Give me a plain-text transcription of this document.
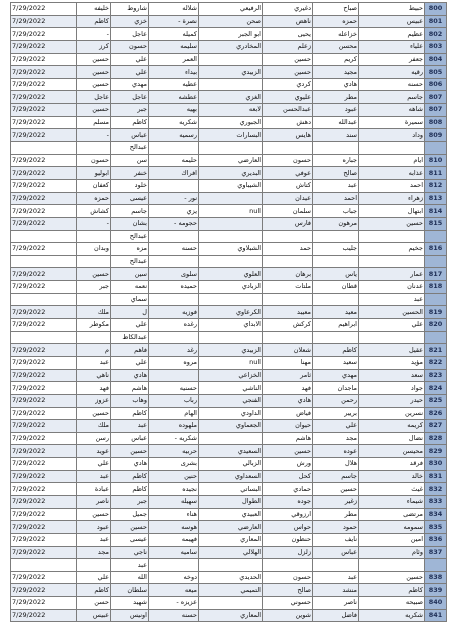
7/29/2022	خليفه	شاروط	شلاله	الرفيعي	دغيري	صباح	حبيط	800
7/29/2022	كاظم	خزي	نصرة -	صحن	ناهض	حمزه	عبيس	801
7/29/2022	-	عاجل	كميله	ابو الجبر	يحيى	خزاعله	عظيم	802
7/29/2022	كرز	حسون	سليمه	المخادري	زعلم	محسن	علياء	803
7/29/2022	حسين	علي	العمر		حسين	كريم	جعفر	804
7/29/2022	حسين	علي	بيداء	الزبيدي	حسين	مجيد	رقيه	805
7/29/2022	حسين	مهدي	عطيه		كردي	هادي	حسنه	806
7/29/2022	عاجل	عاجل	عطشه	الغزي	عليوي	مطر	جاسم	807
7/29/2022	حسين	جبر	بهيه	لابعه	عبدالحسن	عبود	شاهه	807
7/29/2022	مسلم	كاظم	شكريه	الجبوري	دهش	عبدالله	سميرة	808
7/29/2022	-	عباس	رسميه	البسارات	هايس	سند	وداد	809
		عبدالح						
7/29/2022	حسون	سن	حليمه	العارضي	حسون	جباره	ايام	810
7/29/2022	ابوليو	خنفر	افراك	البديري	عوفي	صالح	عذابه	811
7/29/2022	كعفان	خلود		الشيباوي	كتاش	عبد	احمد	812
7/29/2022	حمزه	عيسى	نور -		عيدان	احمد	زهراء	813
7/29/2022	كشاش	جاسم	يزي	null	سلمان	جباب	ابتهال	814
7/29/2022	-	بشان	حجومه -		فارس	مرهون	حسين	815
		عبدالح						
7/29/2022	وبدان	مزه	حسنه	الشبلاوي	حمد	جليب	جخيم	816
		عبدالح						
7/29/2022	حسين	سين	سلوى	العلوي	برهان	ياس	عمار	817
7/29/2022	جبر	نعمه	حميده	الزبادي	ملتات	قطان	عدنان	818
		سماي					عبد	
7/29/2022	ملك	ل	فوزيه	الكرعاوي	معيبد	معيد	الحسين	819
7/29/2022	مكوطر	علي	رغده	الابداي	كركش	ابراهيم	علي	820
		عبدالكاظ						
7/29/2022	م	فاهم	رغد	الزبيدي	شعلان	كاظم	عقيل	821
7/29/2022	عبد	علي	مروه	null	مهنا	سعيد	مؤيد	822
7/29/2022	ناهي	هادي		الخزاعي	ثامر	مهدي	سعد	823
7/29/2022	فهد	هاشم	حسنيه	الناشي	فهد	ماجدان	جواد	824
7/29/2022	عزوز	وهاب	رباب	الفنجي	هادي	رحمن	حيدر	825
7/29/2022	حسين	كاظم	الهام	الداودي	فياض	بريير	نسرين	826
7/29/2022	ملك	عبد	ملهوده	الجعماوي	حيوان	علي	كريمه	827
7/29/2022	رسن	عباس	شكريه -		هاشم	مجد	نضال	828
7/29/2022	عويد	حسين	حربيه	السعيدي	حسين	عوده	محيسن	829
7/29/2022	علي	هادي	بشرى	الزبالي	ورش	هلال	فرقد	830
7/29/2022	عبد	كاظم	حنين	السعداوي	كحل	جاسم	خالد	831
7/29/2022	عبادة	كاظم	نجيده	البساتي	حمادي	حسين	غيث	832
7/29/2022	ناصر	جبر	سهيله	الطوال	جوده	زغير	شيماء	833
7/29/2022	حسين	جميل	هناء	العبيدي	ارزوقي	مطر	مرتضى	834
7/29/2022	عبود	حسين	هوسه	العارضي	حواس	حمود	سمومه	835
7/29/2022	عبد	عيسى	فهيمه	المعاري	حنظون	نايف	امين	836
7/29/2022	مجد	ناجي	ساميه	الهلالي	زلزل	عباس	وئام	837
		عبد						
7/29/2022	علي	الله	دوخه	الحديدي	حسون	عبد	حسين	838
7/29/2022	كاظم	سلطان	ميعه	التميمي	صالح	منشد	كاظم	839
7/29/2022	حسن	شهيد	عزيزه -		حسوني	ناصر	صبيحه	840
7/29/2022	عبيس	اونيس	حسنه	المعاري	شوين	فاضل	شكريه	841
